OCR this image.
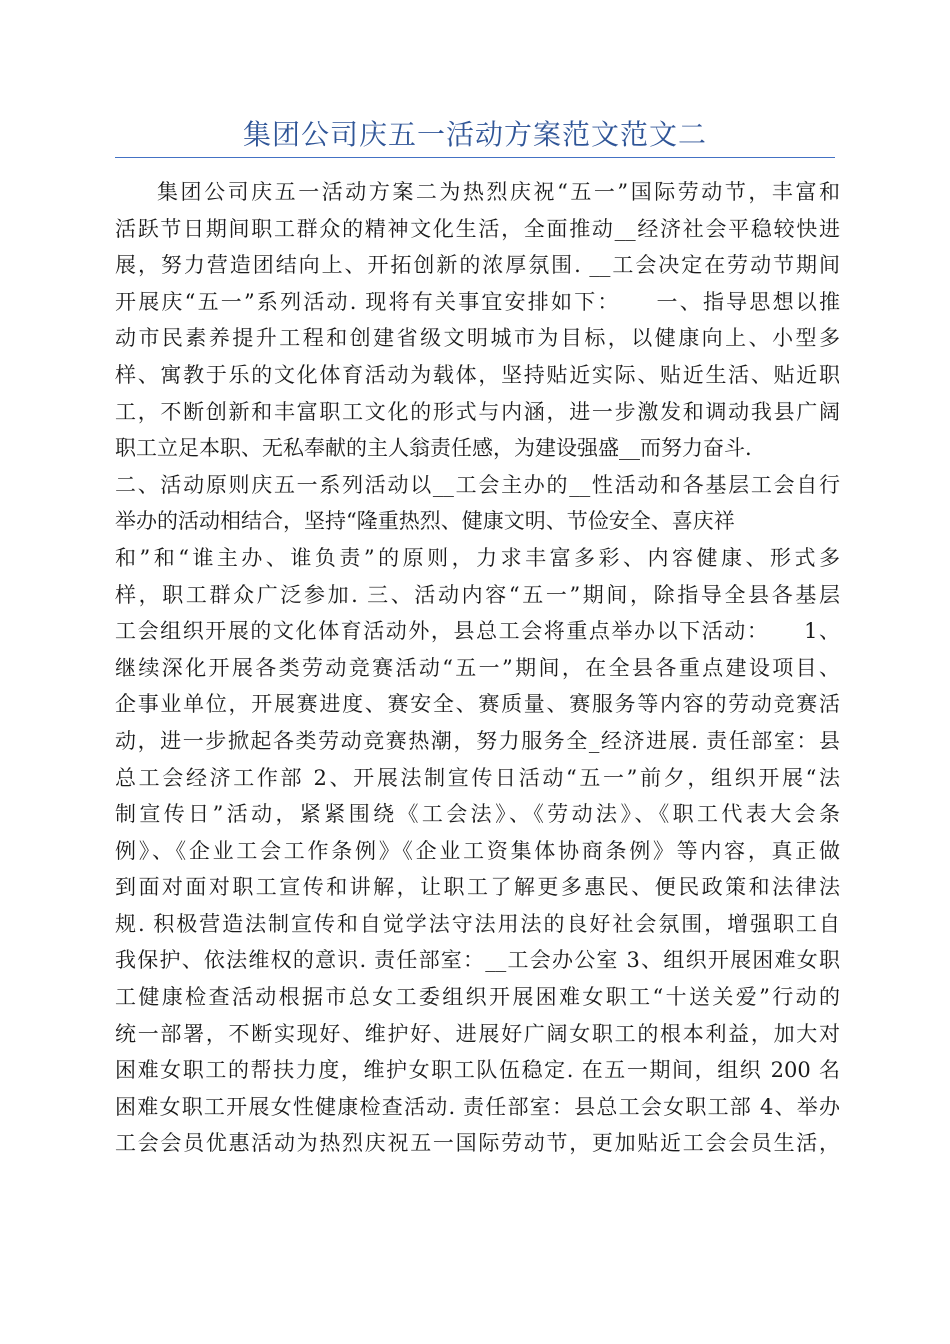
集团公司庆五一活动方案范文范文二
集团公司庆五一活动方案二为热烈庆祝“五一”国际劳动节，丰富和
活跃节日期间职工群众的精神文化生活，全面推动__经济社会平稳较快进
展，努力营造团结向上、开拓创新的浓厚氛围. __工会决定在劳动节期间
开展庆“五一”系列活动. 现将有关事宜安排如下：　　一、指导思想以推
动市民素养提升工程和创建省级文明城市为目标，以健康向上、小型多
样、寓教于乐的文化体育活动为载体，坚持贴近实际、贴近生活、贴近职
工，不断创新和丰富职工文化的形式与内涵，进一步激发和调动我县广阔
职工立足本职、无私奉献的主人翁责任感，为建设强盛__而努力奋斗.
二、活动原则庆五一系列活动以__工会主办的__性活动和各基层工会自行
举办的活动相结合，坚持“隆重热烈、健康文明、节俭安全、喜庆祥
和”和“谁主办、谁负责”的原则，力求丰富多彩、内容健康、形式多
样，职工群众广泛参加. 三、活动内容“五一”期间，除指导全县各基层
工会组织开展的文化体育活动外，县总工会将重点举办以下活动：　　1、
继续深化开展各类劳动竞赛活动“五一”期间，在全县各重点建设项目、
企事业单位，开展赛进度、赛安全、赛质量、赛服务等内容的劳动竞赛活
动，进一步掀起各类劳动竞赛热潮，努力服务全_经济进展. 责任部室：县
总工会经济工作部 2、开展法制宣传日活动“五一”前夕，组织开展“法
制宣传日”活动，紧紧围绕《工会法》、《劳动法》、《职工代表大会条
例》、《企业工会工作条例》《企业工资集体协商条例》等内容，真正做
到面对面对职工宣传和讲解，让职工了解更多惠民、便民政策和法律法
规. 积极营造法制宣传和自觉学法守法用法的良好社会氛围，增强职工自
我保护、依法维权的意识. 责任部室：__工会办公室 3、组织开展困难女职
工健康检查活动根据市总女工委组织开展困难女职工“十送关爱”行动的
统一部署，不断实现好、维护好、进展好广阔女职工的根本利益，加大对
困难女职工的帮扶力度，维护女职工队伍稳定. 在五一期间，组织 200 名
困难女职工开展女性健康检查活动. 责任部室：县总工会女职工部 4、举办
工会会员优惠活动为热烈庆祝五一国际劳动节，更加贴近工会会员生活，
